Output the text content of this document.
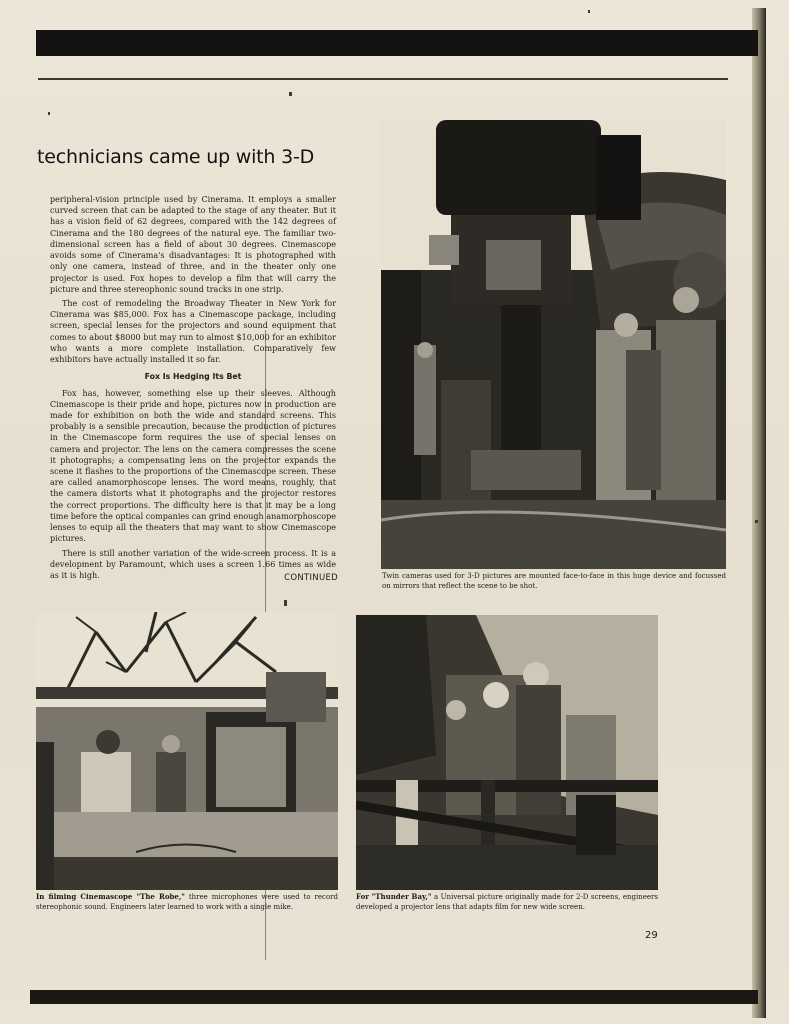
technicians came up with 3-D

peripheral-vision principle used by Cinerama. It employs a smaller curved screen that can be adapted to the stage of any theater. But it has a vision field of 62 degrees, compared with the 142 degrees of Cinerama and the 180 degrees of the natural eye. The familiar two-dimensional screen has a field of about 30 degrees. Cinemascope avoids some of Cinerama's disadvantages: It is photographed with only one camera, instead of three, and in the theater only one projector is used. Fox hopes to develop a film that will carry the picture and three stereophonic sound tracks in one strip.

The cost of remodeling the Broadway Theater in New York for Cinerama was $85,000. Fox has a Cinemascope package, including screen, special lenses for the projectors and sound equipment that comes to about $8000 but may run to almost $10,000 for an exhibitor who wants a more complete installation. Comparatively few exhibitors have actually installed it so far.

Fox Is Hedging Its Bet

Fox has, however, something else up their sleeves. Although Cinemascope is their pride and hope, pictures now in production are made for exhibition on both the wide and standard screens. This probably is a sensible precaution, because the production of pictures in the Cinemascope form requires the use of special lenses on camera and projector. The lens on the camera compresses the scene it photographs; a compensating lens on the projector expands the scene it flashes to the proportions of the Cinemascope screen. These are called anamorphoscope lenses. The word means, roughly, that the camera distorts what it photographs and the projector restores the correct proportions. The difficulty here is that it may be a long time before the optical companies can grind enough anamorphoscope lenses to equip all the theaters that may want to show Cinemascope pictures.

There is still another variation of the wide-screen process. It is a development by Paramount, which uses a screen 1.66 times as wide as it is high.	CONTINUED	Twin cameras used for 3-D pictures are mounted face-to-face in this huge device and focussed on mirrors that reflect the scene to be shot.
In filming Cinemascope "The Robe," three microphones were used to record stereophonic sound. Engineers later learned to work with a single mike.
For "Thunder Bay," a Universal picture originally made for 2-D screens, engineers developed a projector lens that adapts film for new wide screen.
29
